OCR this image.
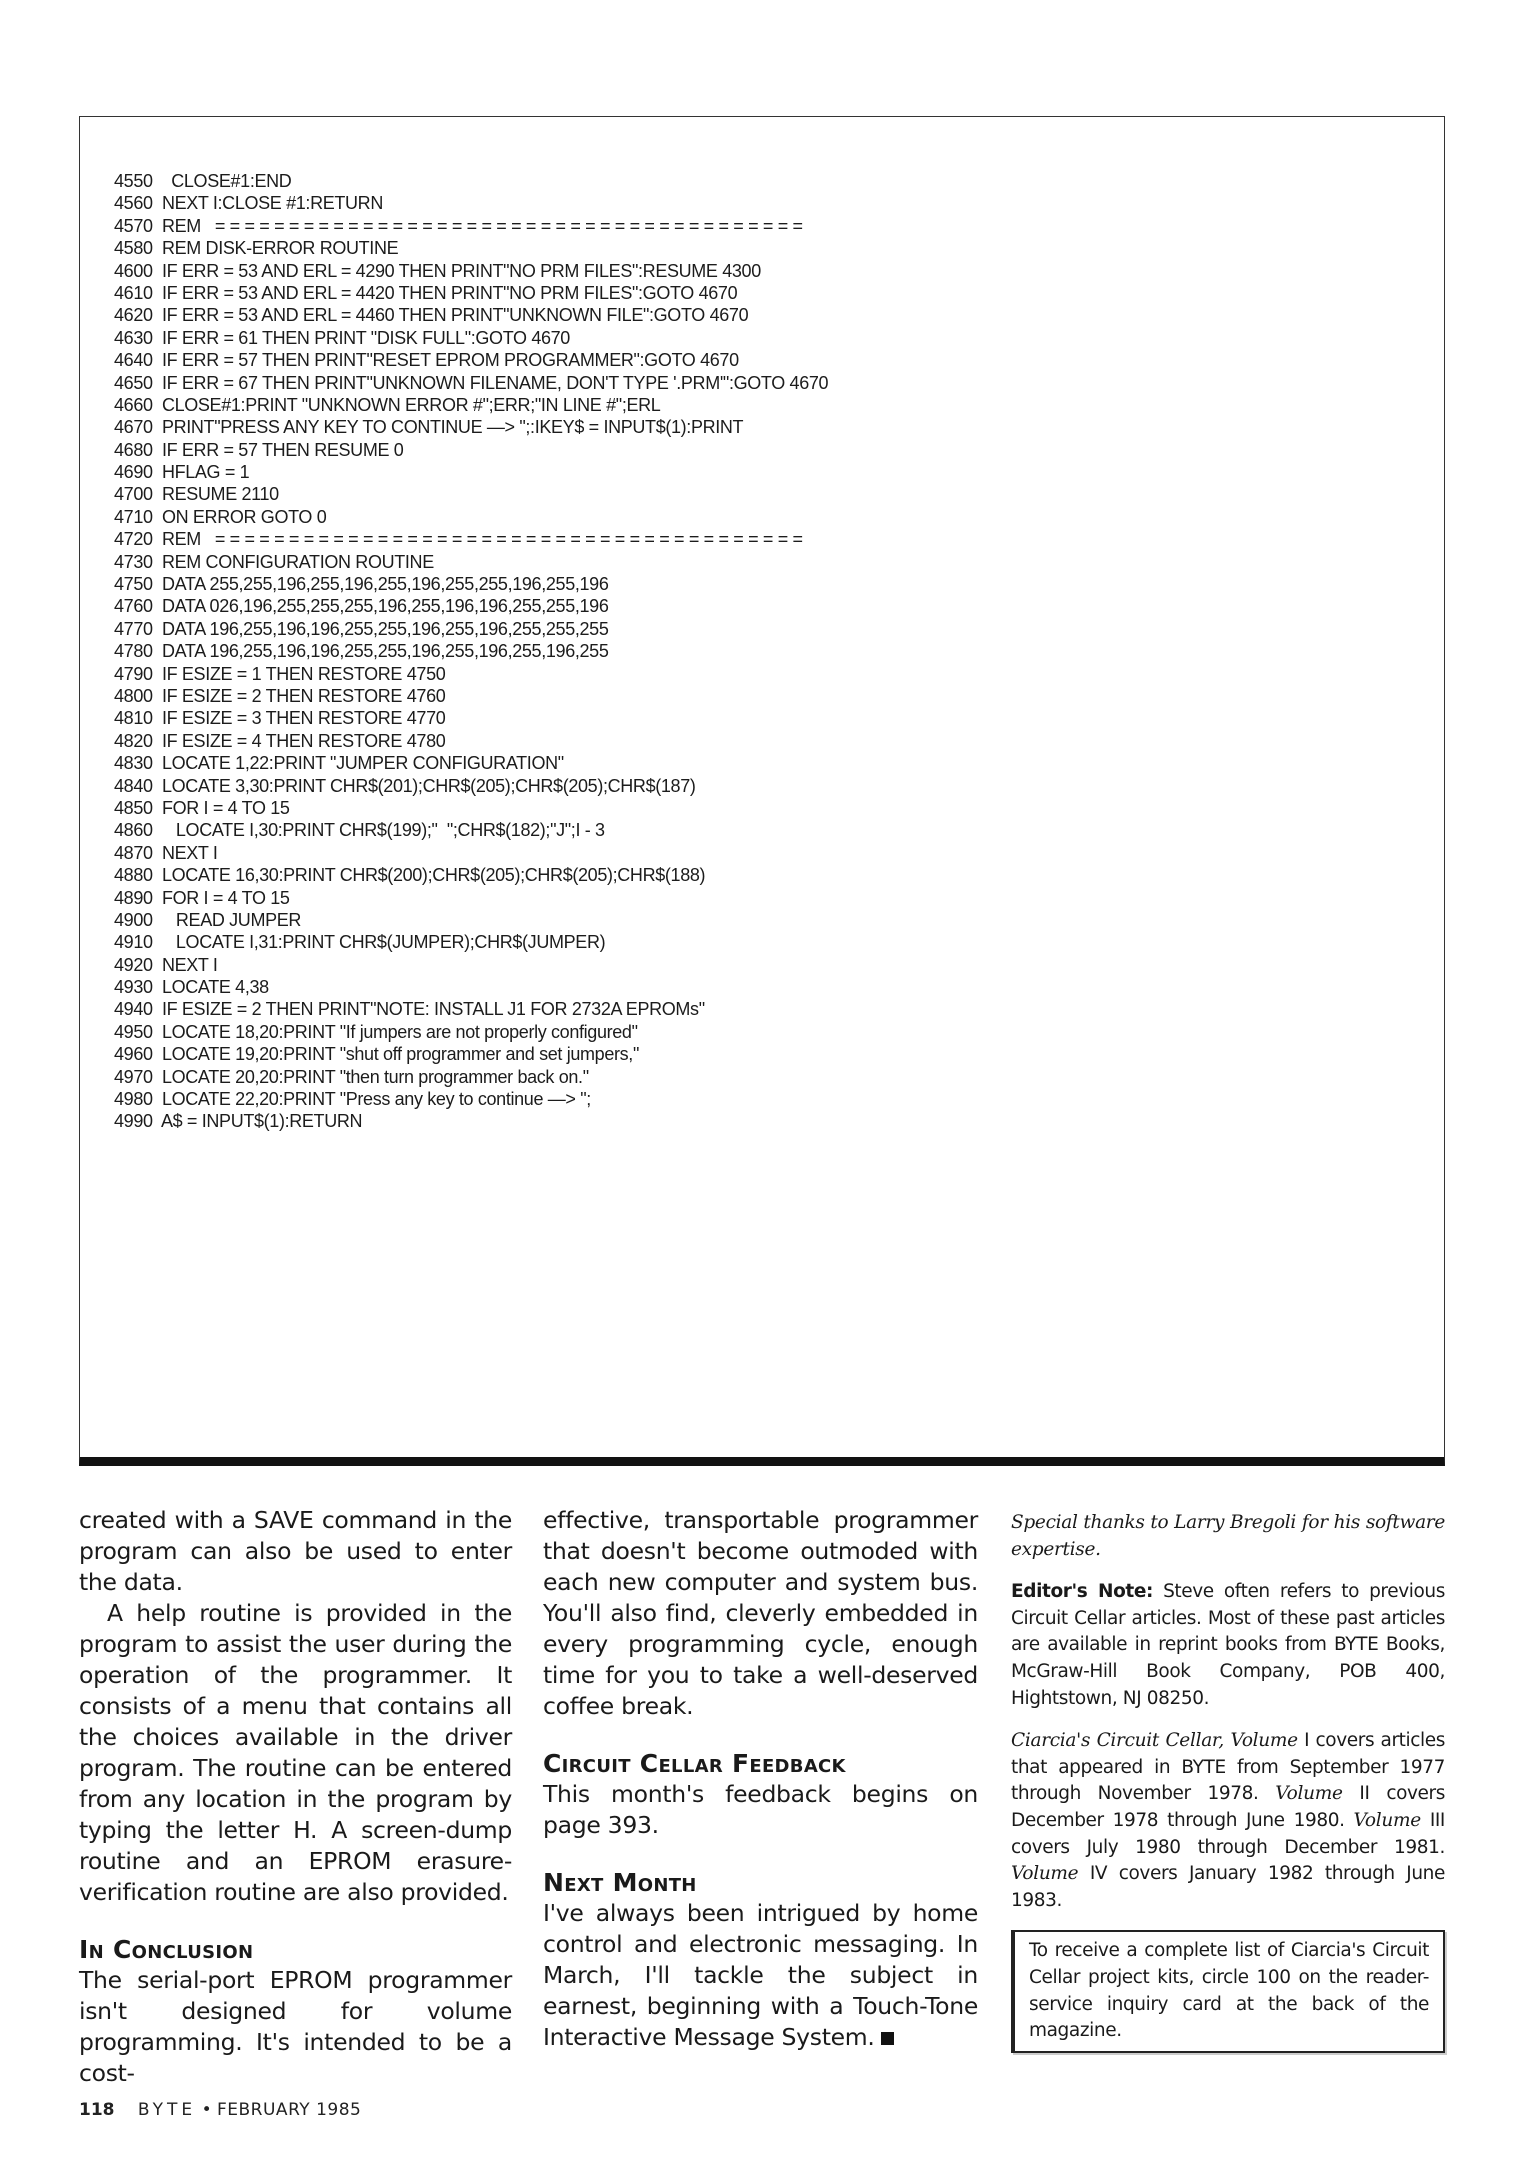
4550    CLOSE#1:END
4560  NEXT I:CLOSE #1:RETURN
4570  REM   = = = = = = = = = = = = = = = = = = = = = = = = = = = = = = = = = = = = = = = =
4580  REM DISK-ERROR ROUTINE
4600  IF ERR = 53 AND ERL = 4290 THEN PRINT"NO PRM FILES":RESUME 4300
4610  IF ERR = 53 AND ERL = 4420 THEN PRINT"NO PRM FILES":GOTO 4670
4620  IF ERR = 53 AND ERL = 4460 THEN PRINT"UNKNOWN FILE":GOTO 4670
4630  IF ERR = 61 THEN PRINT "DISK FULL":GOTO 4670
4640  IF ERR = 57 THEN PRINT"RESET EPROM PROGRAMMER":GOTO 4670
4650  IF ERR = 67 THEN PRINT"UNKNOWN FILENAME, DON'T TYPE '.PRM'":GOTO 4670
4660  CLOSE#1:PRINT "UNKNOWN ERROR #";ERR;"IN LINE #";ERL
4670  PRINT"PRESS ANY KEY TO CONTINUE —> ";:IKEY$ = INPUT$(1):PRINT
4680  IF ERR = 57 THEN RESUME 0
4690  HFLAG = 1
4700  RESUME 2110
4710  ON ERROR GOTO 0
4720  REM   = = = = = = = = = = = = = = = = = = = = = = = = = = = = = = = = = = = = = = = =
4730  REM CONFIGURATION ROUTINE
4750  DATA 255,255,196,255,196,255,196,255,255,196,255,196
4760  DATA 026,196,255,255,255,196,255,196,196,255,255,196
4770  DATA 196,255,196,196,255,255,196,255,196,255,255,255
4780  DATA 196,255,196,196,255,255,196,255,196,255,196,255
4790  IF ESIZE = 1 THEN RESTORE 4750
4800  IF ESIZE = 2 THEN RESTORE 4760
4810  IF ESIZE = 3 THEN RESTORE 4770
4820  IF ESIZE = 4 THEN RESTORE 4780
4830  LOCATE 1,22:PRINT "JUMPER CONFIGURATION"
4840  LOCATE 3,30:PRINT CHR$(201);CHR$(205);CHR$(205);CHR$(187)
4850  FOR I = 4 TO 15
4860     LOCATE I,30:PRINT CHR$(199);"  ";CHR$(182);"J";I - 3
4870  NEXT I
4880  LOCATE 16,30:PRINT CHR$(200);CHR$(205);CHR$(205);CHR$(188)
4890  FOR I = 4 TO 15
4900     READ JUMPER
4910     LOCATE I,31:PRINT CHR$(JUMPER);CHR$(JUMPER)
4920  NEXT I
4930  LOCATE 4,38
4940  IF ESIZE = 2 THEN PRINT"NOTE: INSTALL J1 FOR 2732A EPROMs"
4950  LOCATE 18,20:PRINT "If jumpers are not properly configured"
4960  LOCATE 19,20:PRINT "shut off programmer and set jumpers,"
4970  LOCATE 20,20:PRINT "then turn programmer back on."
4980  LOCATE 22,20:PRINT "Press any key to continue —> ";
4990  A$ = INPUT$(1):RETURN

created with a SAVE command in the program can also be used to enter the data.

A help routine is provided in the program to assist the user during the operation of the programmer. It consists of a menu that contains all the choices available in the driver program. The routine can be entered from any location in the program by typing the letter H. A screen-dump routine and an EPROM erasure-verification routine are also provided.

In Conclusion

The serial-port EPROM programmer isn't designed for volume programming. It's intended to be a cost-

effective, transportable programmer that doesn't become outmoded with each new computer and system bus. You'll also find, cleverly embedded in every programming cycle, enough time for you to take a well-deserved coffee break.

Circuit Cellar Feedback

This month's feedback begins on page 393.

Next Month

I've always been intrigued by home control and electronic messaging. In March, I'll tackle the subject in earnest, beginning with a Touch-Tone Interactive Message System.

Special thanks to Larry Bregoli for his software expertise.

Editor's Note: Steve often refers to previous Circuit Cellar articles. Most of these past articles are available in reprint books from BYTE Books, McGraw-Hill Book Company, POB 400, Hightstown, NJ 08250.

Ciarcia's Circuit Cellar, Volume I covers articles that appeared in BYTE from September 1977 through November 1978. Volume II covers December 1978 through June 1980. Volume III covers July 1980 through December 1981. Volume IV covers January 1982 through June 1983.

To receive a complete list of Ciarcia's Circuit Cellar project kits, circle 100 on the reader-service inquiry card at the back of the magazine.
118 BYTE • FEBRUARY 1985
